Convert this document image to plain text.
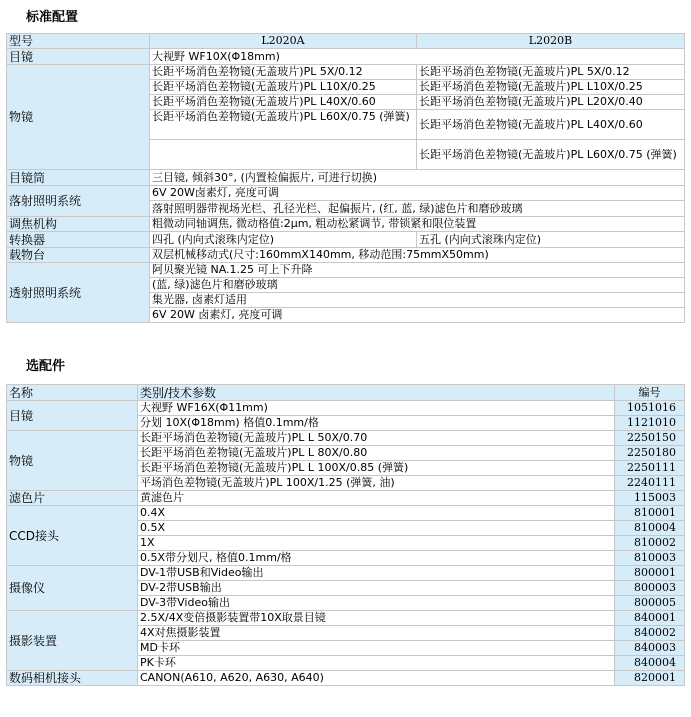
标准配置
型号	L2020A	L2020B
目镜	大视野 WF10X(Φ18mm)	
物镜	长距平场消色差物镜(无盖玻片)PL 5X/0.12	长距平场消色差物镜(无盖玻片)PL 5X/0.12
	长距平场消色差物镜(无盖玻片)PL L10X/0.25	长距平场消色差物镜(无盖玻片)PL L10X/0.25
	长距平场消色差物镜(无盖玻片)PL L40X/0.60	长距平场消色差物镜(无盖玻片)PL L20X/0.40
	长距平场消色差物镜(无盖玻片)PL L60X/0.75 (弹簧)	长距平场消色差物镜(无盖玻片)PL L40X/0.60
		长距平场消色差物镜(无盖玻片)PL L60X/0.75 (弹簧)
目镜筒	三目镜, 倾斜30°, (内置检偏振片, 可进行切换)	
落射照明系统	6V 20W卤素灯, 亮度可调	
	落射照明器带视场光栏、孔径光栏、起偏振片, (红, 蓝, 绿)滤色片和磨砂玻璃	
调焦机构	粗微动同轴调焦, 微动格值:2μm, 粗动松紧调节, 带锁紧和限位装置	
转换器	四孔 (内向式滚珠内定位)	五孔 (内向式滚珠内定位)
载物台	双层机械移动式(尺寸:160mmX140mm, 移动范围:75mmX50mm)	
透射照明系统	阿贝聚光镜 NA.1.25 可上下升降	
	(蓝, 绿)滤色片和磨砂玻璃	
	集光器, 卤素灯适用	
	6V 20W 卤素灯, 亮度可调	
选配件
名称	类别/技术参数	编号
目镜	大视野 WF16X(Φ11mm)	1051016
	分划 10X(Φ18mm) 格值0.1mm/格	1121010
物镜	长距平场消色差物镜(无盖玻片)PL L 50X/0.70	2250150
	长距平场消色差物镜(无盖玻片)PL L 80X/0.80	2250180
	长距平场消色差物镜(无盖玻片)PL L 100X/0.85 (弹簧)	2250111
	平场消色差物镜(无盖玻片)PL 100X/1.25 (弹簧, 油)	2240111
滤色片	黄滤色片	115003
CCD接头	0.4X	810001
	0.5X	810004
	1X	810002
	0.5X带分划尺, 格值0.1mm/格	810003
摄像仪	DV-1带USB和Video输出	800001
	DV-2带USB输出	800003
	DV-3带Video输出	800005
摄影装置	2.5X/4X变倍摄影装置带10X取景目镜	840001
	4X对焦摄影装置	840002
	MD卡环	840003
	PK卡环	840004
数码相机接头	CANON(A610, A620, A630, A640)	820001
